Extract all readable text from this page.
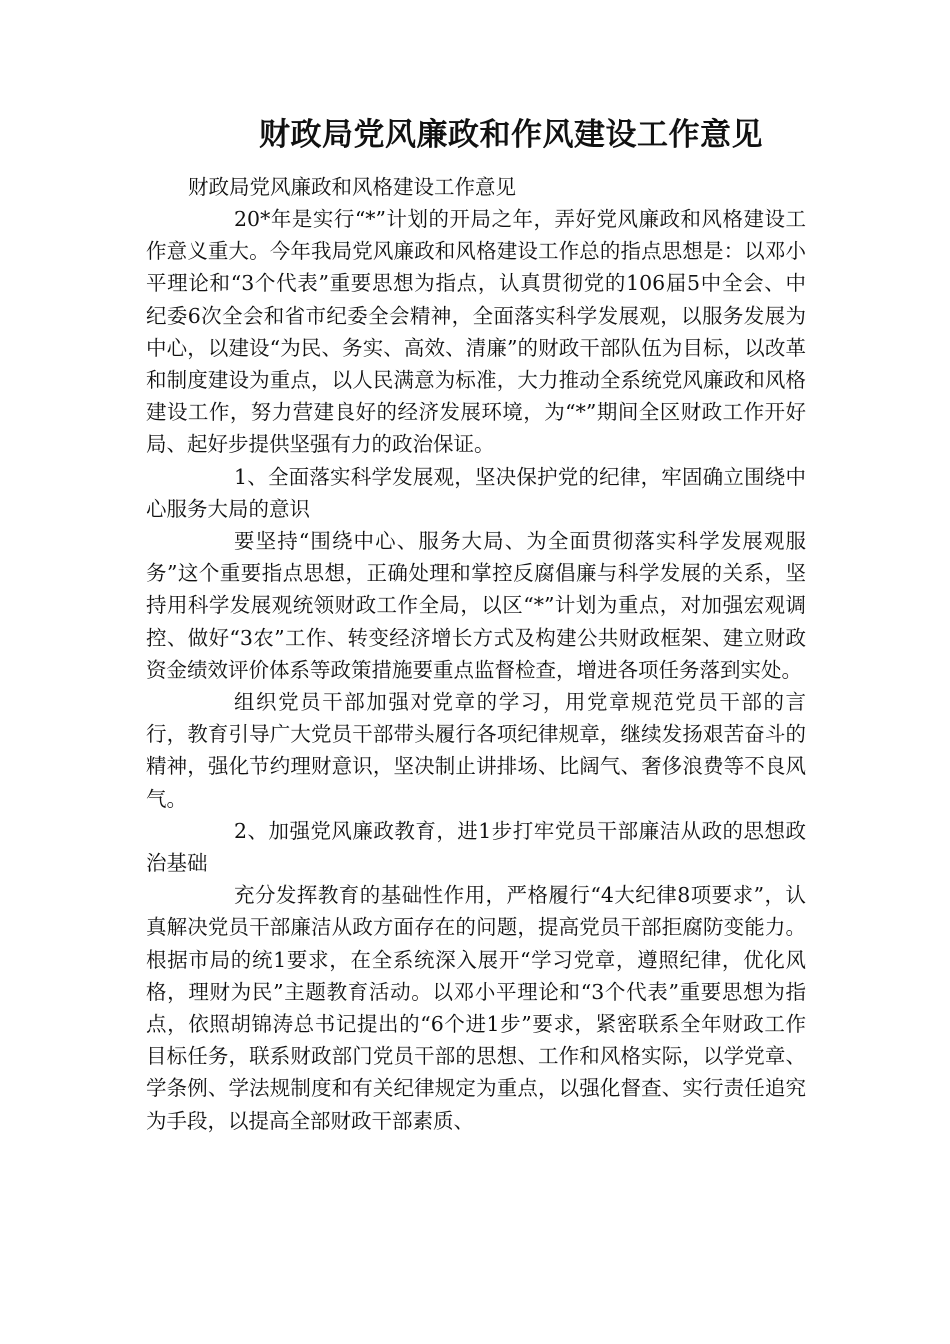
财政局党风廉政和作风建设工作意见

财政局党风廉政和风格建设工作意见

20*年是实行“*”计划的开局之年，弄好党风廉政和风格建设工作意义重大。今年我局党风廉政和风格建设工作总的指点思想是：以邓小平理论和“3个代表”重要思想为指点，认真贯彻党的106届5中全会、中纪委6次全会和省市纪委全会精神，全面落实科学发展观，以服务发展为中心，以建设“为民、务实、高效、清廉”的财政干部队伍为目标，以改革和制度建设为重点，以人民满意为标准，大力推动全系统党风廉政和风格建设工作，努力营建良好的经济发展环境，为“*”期间全区财政工作开好局、起好步提供坚强有力的政治保证。

1、全面落实科学发展观，坚决保护党的纪律，牢固确立围绕中心服务大局的意识

要坚持“围绕中心、服务大局、为全面贯彻落实科学发展观服务”这个重要指点思想，正确处理和掌控反腐倡廉与科学发展的关系，坚持用科学发展观统领财政工作全局，以区“*”计划为重点，对加强宏观调控、做好“3农”工作、转变经济增长方式及构建公共财政框架、建立财政资金绩效评价体系等政策措施要重点监督检查，增进各项任务落到实处。

组织党员干部加强对党章的学习，用党章规范党员干部的言行，教育引导广大党员干部带头履行各项纪律规章，继续发扬艰苦奋斗的精神，强化节约理财意识，坚决制止讲排场、比阔气、奢侈浪费等不良风气。

2、加强党风廉政教育，进1步打牢党员干部廉洁从政的思想政治基础

充分发挥教育的基础性作用，严格履行“4大纪律8项要求”，认真解决党员干部廉洁从政方面存在的问题，提高党员干部拒腐防变能力。根据市局的统1要求，在全系统深入展开“学习党章，遵照纪律，优化风格，理财为民”主题教育活动。以邓小平理论和“3个代表”重要思想为指点，依照胡锦涛总书记提出的“6个进1步”要求，紧密联系全年财政工作目标任务，联系财政部门党员干部的思想、工作和风格实际，以学党章、学条例、学法规制度和有关纪律规定为重点，以强化督查、实行责任追究为手段，以提高全部财政干部素质、
